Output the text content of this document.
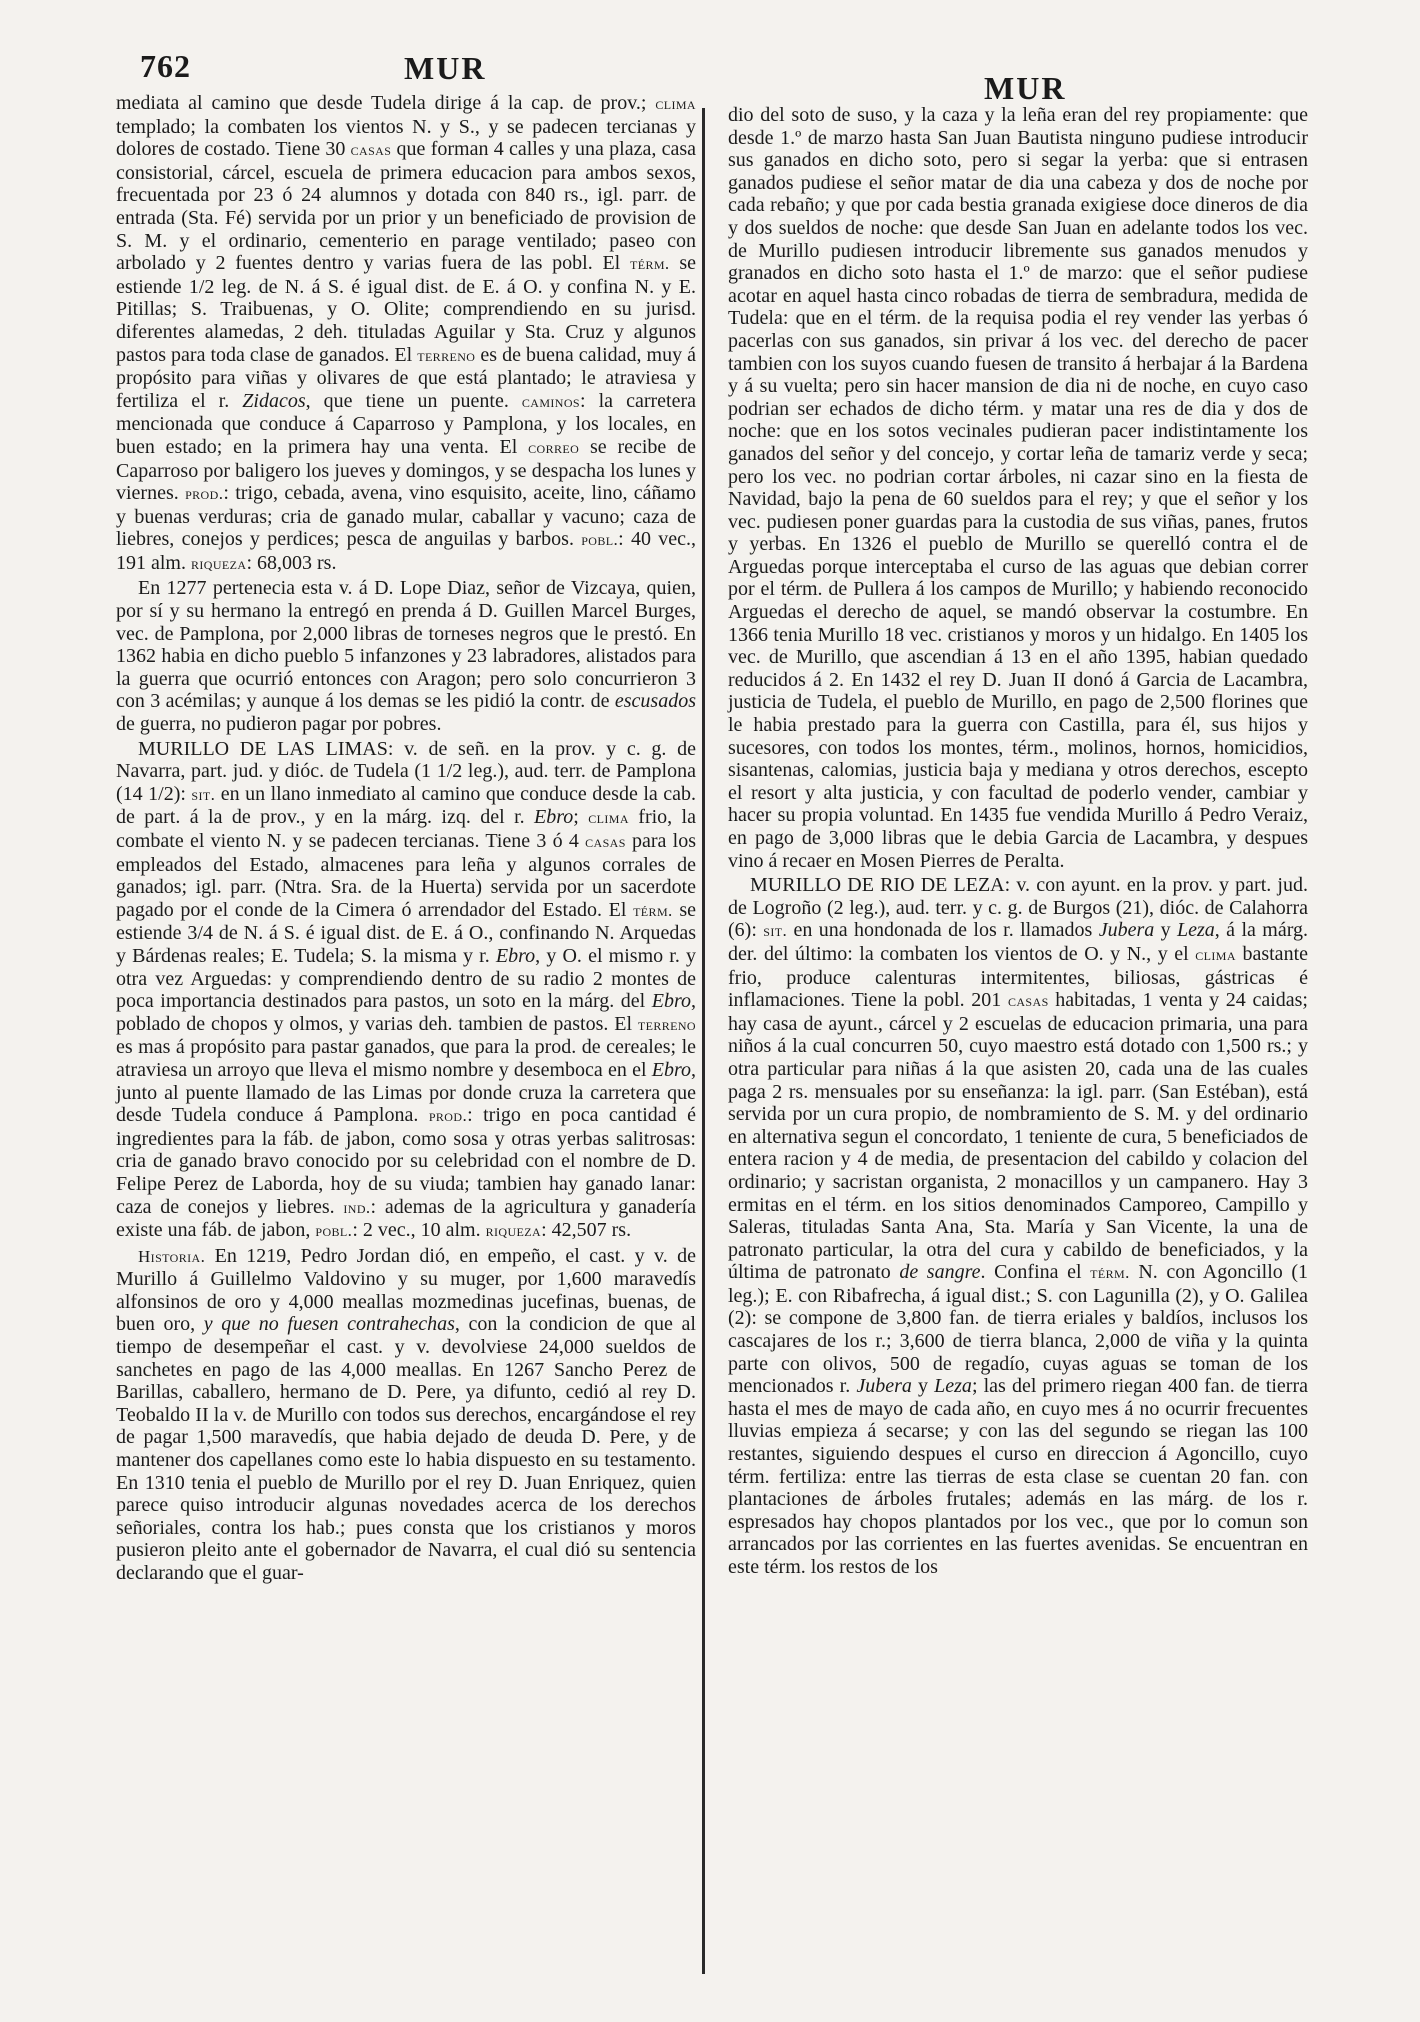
762	MUR
MUR

mediata al camino que desde Tudela dirige á la cap. de prov.; clima templado; la combaten los vientos N. y S., y se padecen tercianas y dolores de costado. Tiene 30 casas que forman 4 calles y una plaza, casa consistorial, cárcel, escuela de primera educacion para ambos sexos, frecuentada por 23 ó 24 alumnos y dotada con 840 rs., igl. parr. de entrada (Sta. Fé) servida por un prior y un beneficiado de provision de S. M. y el ordinario, cementerio en parage ventilado; paseo con arbolado y 2 fuentes dentro y varias fuera de las pobl. El térm. se estiende 1/2 leg. de N. á S. é igual dist. de E. á O. y confina N. y E. Pitillas; S. Traibuenas, y O. Olite; comprendiendo en su jurisd. diferentes alamedas, 2 deh. tituladas Aguilar y Sta. Cruz y algunos pastos para toda clase de ganados. El terreno es de buena calidad, muy á propósito para viñas y olivares de que está plantado; le atraviesa y fertiliza el r. Zidacos, que tiene un puente. caminos: la carretera mencionada que conduce á Caparroso y Pamplona, y los locales, en buen estado; en la primera hay una venta. El correo se recibe de Caparroso por baligero los jueves y domingos, y se despacha los lunes y viernes. prod.: trigo, cebada, avena, vino esquisito, aceite, lino, cáñamo y buenas verduras; cria de ganado mular, caballar y vacuno; caza de liebres, conejos y perdices; pesca de anguilas y barbos. pobl.: 40 vec., 191 alm. riqueza: 68,003 rs.

En 1277 pertenecia esta v. á D. Lope Diaz, señor de Vizcaya, quien, por sí y su hermano la entregó en prenda á D. Guillen Marcel Burges, vec. de Pamplona, por 2,000 libras de torneses negros que le prestó. En 1362 habia en dicho pueblo 5 infanzones y 23 labradores, alistados para la guerra que ocurrió entonces con Aragon; pero solo concurrieron 3 con 3 acémilas; y aunque á los demas se les pidió la contr. de escusados de guerra, no pudieron pagar por pobres.

MURILLO DE LAS LIMAS: v. de señ. en la prov. y c. g. de Navarra, part. jud. y dióc. de Tudela (1 1/2 leg.), aud. terr. de Pamplona (14 1/2): sit. en un llano inmediato al camino que conduce desde la cab. de part. á la de prov., y en la márg. izq. del r. Ebro; clima frio, la combate el viento N. y se padecen tercianas. Tiene 3 ó 4 casas para los empleados del Estado, almacenes para leña y algunos corrales de ganados; igl. parr. (Ntra. Sra. de la Huerta) servida por un sacerdote pagado por el conde de la Cimera ó arrendador del Estado. El térm. se estiende 3/4 de N. á S. é igual dist. de E. á O., confinando N. Arquedas y Bárdenas reales; E. Tudela; S. la misma y r. Ebro, y O. el mismo r. y otra vez Arguedas: y comprendiendo dentro de su radio 2 montes de poca importancia destinados para pastos, un soto en la márg. del Ebro, poblado de chopos y olmos, y varias deh. tambien de pastos. El terreno es mas á propósito para pastar ganados, que para la prod. de cereales; le atraviesa un arroyo que lleva el mismo nombre y desemboca en el Ebro, junto al puente llamado de las Limas por donde cruza la carretera que desde Tudela conduce á Pamplona. prod.: trigo en poca cantidad é ingredientes para la fáb. de jabon, como sosa y otras yerbas salitrosas: cria de ganado bravo conocido por su celebridad con el nombre de D. Felipe Perez de Laborda, hoy de su viuda; tambien hay ganado lanar: caza de conejos y liebres. ind.: ademas de la agricultura y ganadería existe una fáb. de jabon, pobl.: 2 vec., 10 alm. riqueza: 42,507 rs.

Historia. En 1219, Pedro Jordan dió, en empeño, el cast. y v. de Murillo á Guillelmo Valdovino y su muger, por 1,600 maravedís alfonsinos de oro y 4,000 meallas mozmedinas jucefinas, buenas, de buen oro, y que no fuesen contrahechas, con la condicion de que al tiempo de desempeñar el cast. y v. devolviese 24,000 sueldos de sanchetes en pago de las 4,000 meallas. En 1267 Sancho Perez de Barillas, caballero, hermano de D. Pere, ya difunto, cedió al rey D. Teobaldo II la v. de Murillo con todos sus derechos, encargándose el rey de pagar 1,500 maravedís, que habia dejado de deuda D. Pere, y de mantener dos capellanes como este lo habia dispuesto en su testamento. En 1310 tenia el pueblo de Murillo por el rey D. Juan Enriquez, quien parece quiso introducir algunas novedades acerca de los derechos señoriales, contra los hab.; pues consta que los cristianos y moros pusieron pleito ante el gobernador de Navarra, el cual dió su sentencia declarando que el guar-

dio del soto de suso, y la caza y la leña eran del rey propiamente: que desde 1.º de marzo hasta San Juan Bautista ninguno pudiese introducir sus ganados en dicho soto, pero si segar la yerba: que si entrasen ganados pudiese el señor matar de dia una cabeza y dos de noche por cada rebaño; y que por cada bestia granada exigiese doce dineros de dia y dos sueldos de noche: que desde San Juan en adelante todos los vec. de Murillo pudiesen introducir libremente sus ganados menudos y granados en dicho soto hasta el 1.º de marzo: que el señor pudiese acotar en aquel hasta cinco robadas de tierra de sembradura, medida de Tudela: que en el térm. de la requisa podia el rey vender las yerbas ó pacerlas con sus ganados, sin privar á los vec. del derecho de pacer tambien con los suyos cuando fuesen de transito á herbajar á la Bardena y á su vuelta; pero sin hacer mansion de dia ni de noche, en cuyo caso podrian ser echados de dicho térm. y matar una res de dia y dos de noche: que en los sotos vecinales pudieran pacer indistintamente los ganados del señor y del concejo, y cortar leña de tamariz verde y seca; pero los vec. no podrian cortar árboles, ni cazar sino en la fiesta de Navidad, bajo la pena de 60 sueldos para el rey; y que el señor y los vec. pudiesen poner guardas para la custodia de sus viñas, panes, frutos y yerbas. En 1326 el pueblo de Murillo se querelló contra el de Arguedas porque interceptaba el curso de las aguas que debian correr por el térm. de Pullera á los campos de Murillo; y habiendo reconocido Arguedas el derecho de aquel, se mandó observar la costumbre. En 1366 tenia Murillo 18 vec. cristianos y moros y un hidalgo. En 1405 los vec. de Murillo, que ascendian á 13 en el año 1395, habian quedado reducidos á 2. En 1432 el rey D. Juan II donó á Garcia de Lacambra, justicia de Tudela, el pueblo de Murillo, en pago de 2,500 florines que le habia prestado para la guerra con Castilla, para él, sus hijos y sucesores, con todos los montes, térm., molinos, hornos, homicidios, sisantenas, calomias, justicia baja y mediana y otros derechos, escepto el resort y alta justicia, y con facultad de poderlo vender, cambiar y hacer su propia voluntad. En 1435 fue vendida Murillo á Pedro Veraiz, en pago de 3,000 libras que le debia Garcia de Lacambra, y despues vino á recaer en Mosen Pierres de Peralta.

MURILLO DE RIO DE LEZA: v. con ayunt. en la prov. y part. jud. de Logroño (2 leg.), aud. terr. y c. g. de Burgos (21), dióc. de Calahorra (6): sit. en una hondonada de los r. llamados Jubera y Leza, á la márg. der. del último: la combaten los vientos de O. y N., y el clima bastante frio, produce calenturas intermitentes, biliosas, gástricas é inflamaciones. Tiene la pobl. 201 casas habitadas, 1 venta y 24 caidas; hay casa de ayunt., cárcel y 2 escuelas de educacion primaria, una para niños á la cual concurren 50, cuyo maestro está dotado con 1,500 rs.; y otra particular para niñas á la que asisten 20, cada una de las cuales paga 2 rs. mensuales por su enseñanza: la igl. parr. (San Estéban), está servida por un cura propio, de nombramiento de S. M. y del ordinario en alternativa segun el concordato, 1 teniente de cura, 5 beneficiados de entera racion y 4 de media, de presentacion del cabildo y colacion del ordinario; y sacristan organista, 2 monacillos y un campanero. Hay 3 ermitas en el térm. en los sitios denominados Camporeo, Campillo y Saleras, tituladas Santa Ana, Sta. María y San Vicente, la una de patronato particular, la otra del cura y cabildo de beneficiados, y la última de patronato de sangre. Confina el térm. N. con Agoncillo (1 leg.); E. con Ribafrecha, á igual dist.; S. con Lagunilla (2), y O. Galilea (2): se compone de 3,800 fan. de tierra eriales y baldíos, inclusos los cascajares de los r.; 3,600 de tierra blanca, 2,000 de viña y la quinta parte con olivos, 500 de regadío, cuyas aguas se toman de los mencionados r. Jubera y Leza; las del primero riegan 400 fan. de tierra hasta el mes de mayo de cada año, en cuyo mes á no ocurrir frecuentes lluvias empieza á secarse; y con las del segundo se riegan las 100 restantes, siguiendo despues el curso en direccion á Agoncillo, cuyo térm. fertiliza: entre las tierras de esta clase se cuentan 20 fan. con plantaciones de árboles frutales; además en las márg. de los r. espresados hay chopos plantados por los vec., que por lo comun son arrancados por las corrientes en las fuertes avenidas. Se encuentran en este térm. los restos de los
